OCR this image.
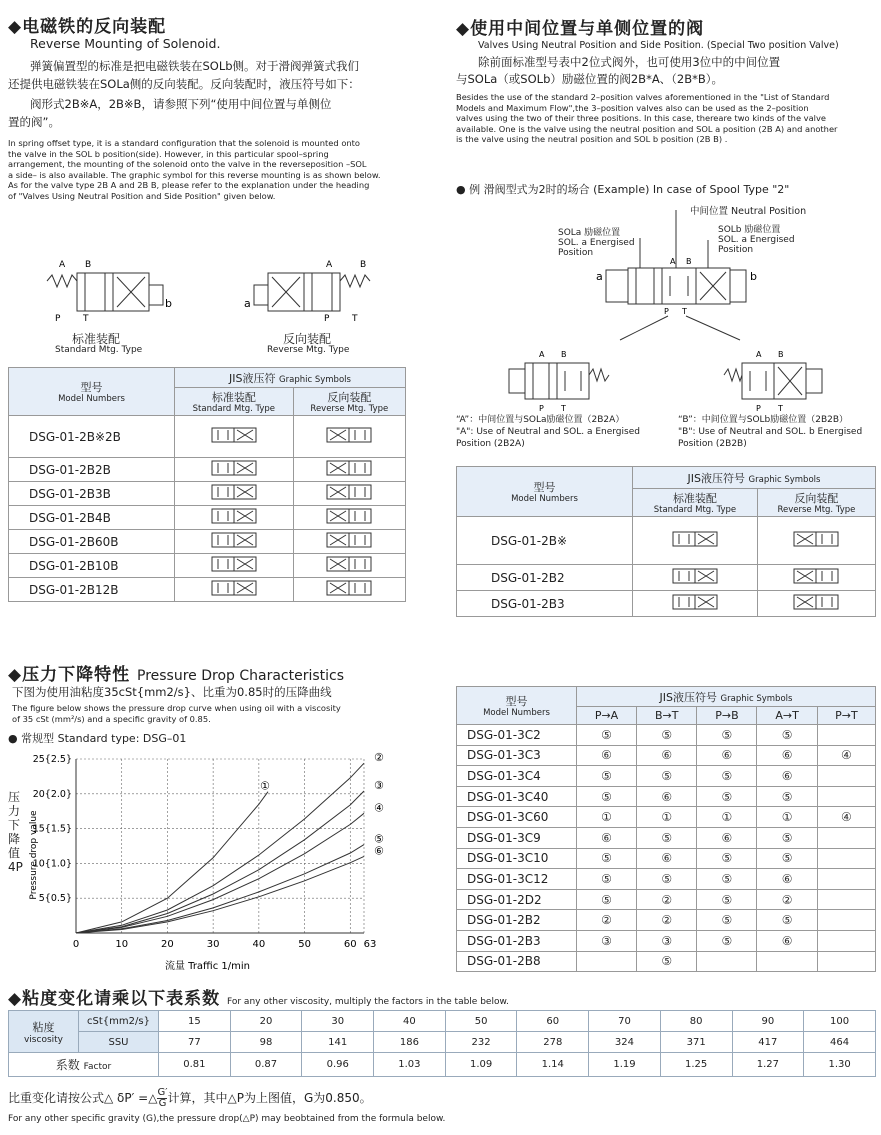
◆电磁铁的反向装配
Reverse Mounting of Solenoid.
弹簧偏置型的标准是把电磁铁装在SOLb侧。对于滑阀弹簧式我们
还提供电磁铁装在SOLa侧的反向装配。反向装配时，液压符号如下：
阀形式2B※A，2B※B，请参照下列“使用中间位置与单侧位
置的阀”。
In spring offset type, it is a standard configuration that the solenoid is mounted onto
the valve in the SOL b position(side). However, in this particular spool–spring
arrangement, the mounting of the solenoid onto the valve in the reverseposition –SOL
a side– is also available. The graphic symbol for this reverse mounting is as shown below.
As for the valve type 2B A and 2B B, please refer to the explanation under the heading
of "Valves Using Neutral Position and Side Position" given below.
A B
b
P	T
标准装配
Standard Mtg. Type
A	B
a
P	T
反向装配
Reverse Mtg. Type
型号
Model Numbers	JIS液压符 Graphic Symbols	

	标准装配
Standard Mtg. Type	反向装配
Reverse Mtg. Type

DSG-01-2B※2B		
DSG-01-2B2B		
DSG-01-2B3B		
DSG-01-2B4B		
DSG-01-2B60B		
DSG-01-2B10B		
DSG-01-2B12B		
◆使用中间位置与单侧位置的阀
Valves Using Neutral Position and Side Position. (Special Two position Valve)
除前面标准型号表中2位式阀外，也可使用3位中的中间位置
与SOLa（或SOLb）励磁位置的阀2B*A、（2B*B）。
Besides the use of the standard 2–position valves aforementioned in the "List of Standard
Models and Maximum Flow",the 3–position valves also can be used as the 2–position
valves using the two of their three positions. In this case, thereare two kinds of the valve
available. One is the valve using the neutral position and SOL a position (2B A) and another
is the valve using the neutral position and SOL b position (2B B) .
● 例 滑阀型式为2时的场合 (Example) In case of Spool Type "2"
中间位置 Neutral Position
SOLa 励磁位置
SOL. a Energised
Position
SOLb 励磁位置
SOL. a Energised
Position
a	b
A B
P T
A B
P T
A B
P T
“A”：中间位置与SOLa励磁位置（2B2A）
"A": Use of Neutral and SOL. a Energised
Position (2B2A)
“B”：中间位置与SOLb励磁位置（2B2B）
"B": Use of Neutral and SOL. b Energised
Position (2B2B)
型号
Model Numbers	JIS液压符号 Graphic Symbols	

	标准装配
Standard Mtg. Type	反向装配
Reverse Mtg. Type

DSG-01-2B※		
DSG-01-2B2		
DSG-01-2B3		
◆压力下降特性 Pressure Drop Characteristics
下图为使用油粘度35cSt{mm2/s}、比重为0.85时的压降曲线
The figure below shows the pressure drop curve when using oil with a viscosity
of 35 cSt (mm²/s) and a specific gravity of 0.85.
● 常规型 Standard type: DSG–01
压
力
下
降
值
4P
0	10	20	30	40	50	60 63
5{0.5}
10{1.0}
15{1.5}
20{2.0}
25{2.5}
Pressure drop value
流量 Traffic 1/min
①
②
③
④
⑤
⑥
型号
Model Numbers	JIS液压符号 Graphic Symbols				
	P→A	B→T	P→B	A→T	P→T
DSG-01-3C2	⑤	⑤	⑤	⑤	
DSG-01-3C3	⑥	⑥	⑥	⑥	④
DSG-01-3C4	⑤	⑤	⑤	⑥	
DSG-01-3C40	⑤	⑥	⑤	⑤	
DSG-01-3C60	①	①	①	①	④
DSG-01-3C9	⑥	⑤	⑥	⑤	
DSG-01-3C10	⑤	⑥	⑤	⑤	
DSG-01-3C12	⑤	⑤	⑤	⑥	
DSG-01-2D2	⑤	②	⑤	②	
DSG-01-2B2	②	②	⑤	⑤	
DSG-01-2B3	③	③	⑤	⑥	
DSG-01-2B8		⑤			
◆粘度变化请乘以下表系数 For any other viscosity, multiply the factors in the table below.
粘度
viscosity	cSt{mm2/s}	15	20	30	40	50	60	70	80	90	100
	SSU	77	98	141	186	232	278	324	371	417	464
系数 Factor		0.81	0.87	0.96	1.03	1.09	1.14	1.19	1.25	1.27	1.30
比重变化请按公式△ δP′ =△ $\frac{G'}{G}$ 计算，其中△P为上图值，G为0.850。
For any other specific gravity (G),the pressure drop(△P) may beobtained from the formula below.
